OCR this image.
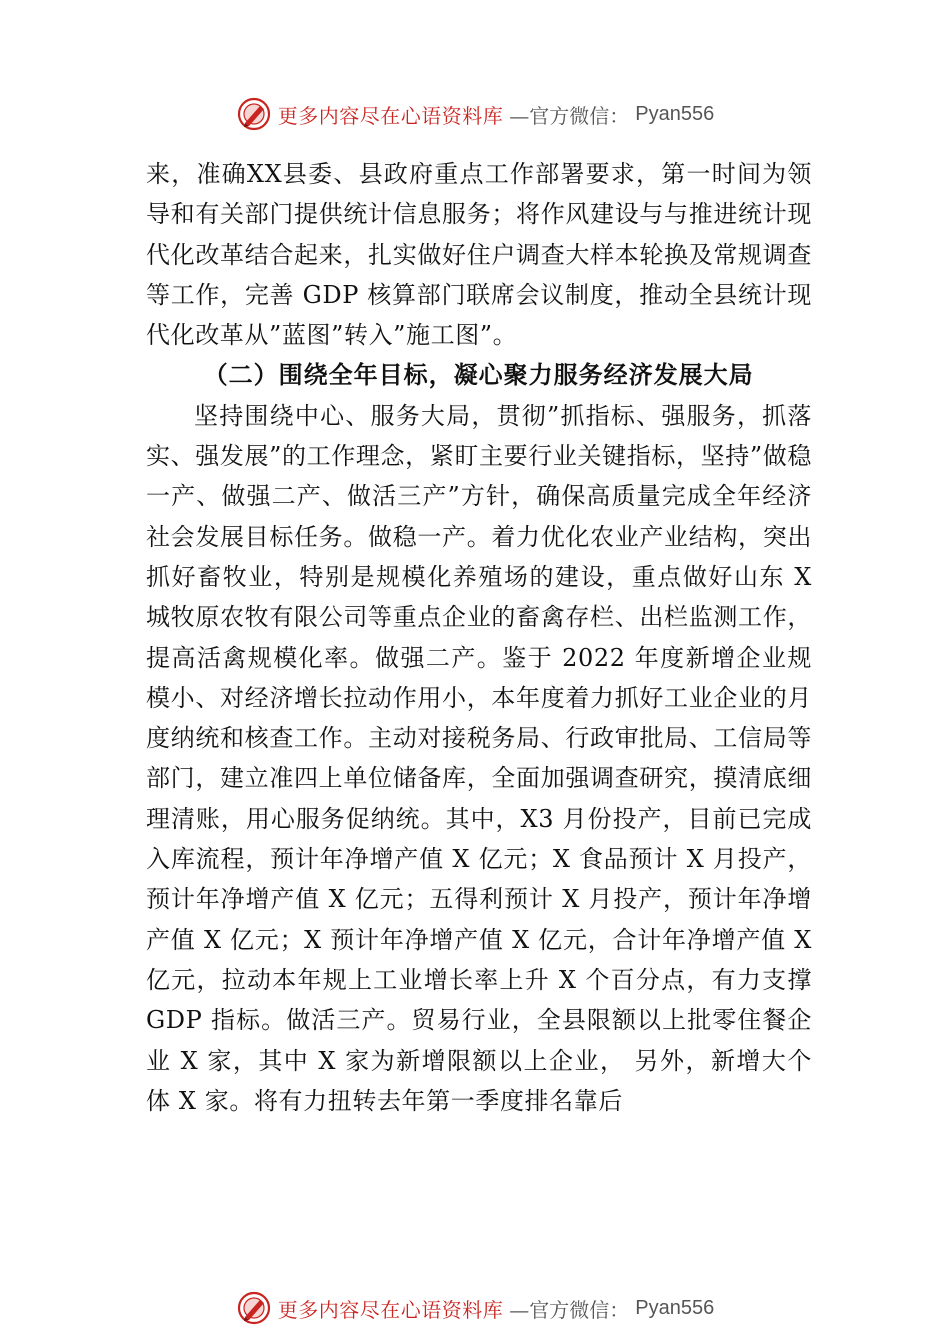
更多内容尽在心语资料库 —官方微信： Pyan556

来，准确XX县委、县政府重点工作部署要求，第一时间为领导和有关部门提供统计信息服务；将作风建设与与推进统计现代化改革结合起来，扎实做好住户调查大样本轮换及常规调查等工作，完善 GDP 核算部门联席会议制度，推动全县统计现代化改革从”蓝图”转入”施工图”。

（二）围绕全年目标，凝心聚力服务经济发展大局

坚持围绕中心、服务大局，贯彻”抓指标、强服务，抓落实、强发展”的工作理念，紧盯主要行业关键指标，坚持”做稳一产、做强二产、做活三产”方针，确保高质量完成全年经济社会发展目标任务。做稳一产。着力优化农业产业结构，突出抓好畜牧业，特别是规模化养殖场的建设，重点做好山东 X 城牧原农牧有限公司等重点企业的畜禽存栏、出栏监测工作，提高活禽规模化率。做强二产。鉴于 2022 年度新增企业规模小、对经济增长拉动作用小，本年度着力抓好工业企业的月度纳统和核查工作。主动对接税务局、行政审批局、工信局等部门，建立准四上单位储备库，全面加强调查研究，摸清底细理清账，用心服务促纳统。其中，X3 月份投产，目前已完成入库流程，预计年净增产值 X 亿元；X 食品预计 X 月投产，预计年净增产值 X 亿元；五得利预计 X 月投产，预计年净增产值 X 亿元；X 预计年净增产值 X 亿元，合计年净增产值 X 亿元，拉动本年规上工业增长率上升 X 个百分点，有力支撑 GDP 指标。做活三产。贸易行业，全县限额以上批零住餐企业 X 家，其中 X 家为新增限额以上企业， 另外，新增大个体 X 家。将有力扭转去年第一季度排名靠后

更多内容尽在心语资料库 —官方微信： Pyan556
